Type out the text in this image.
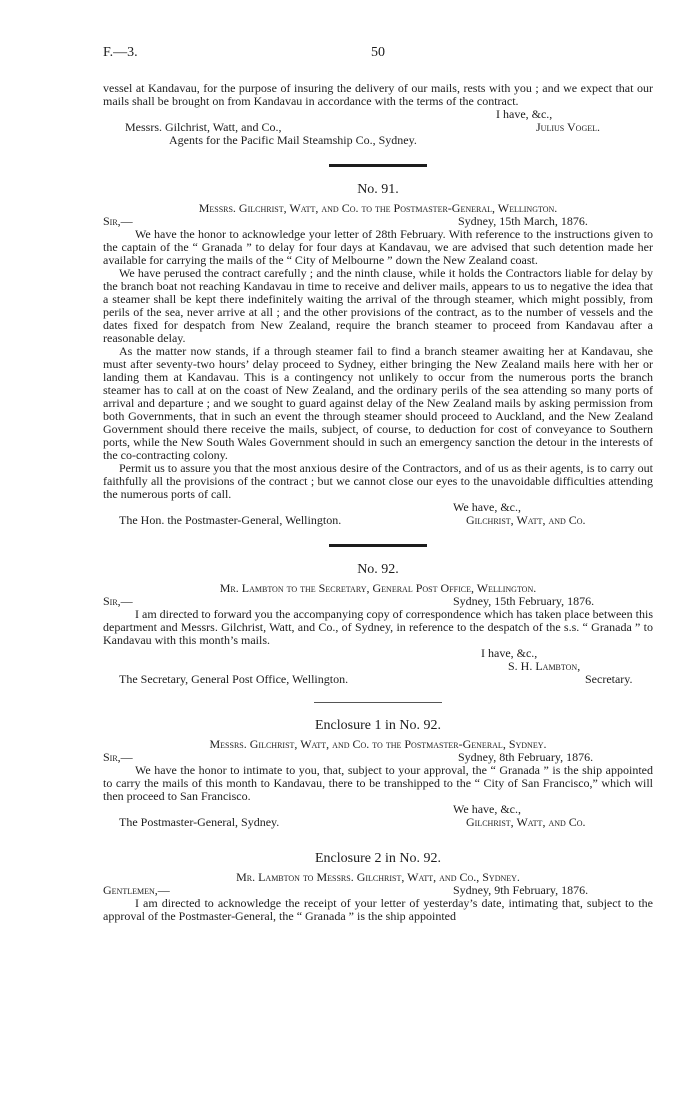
F.—3.	50

vessel at Kandavau, for the purpose of insuring the delivery of our mails, rests with you ; and we expect that our mails shall be brought on from Kandavau in accordance with the terms of the contract.

I have, &c.,
Messrs. Gilchrist, Watt, and Co.,	Julius Vogel.
Agents for the Pacific Mail Steamship Co., Sydney.

No. 91.

Messrs. Gilchrist, Watt, and Co. to the Postmaster-General, Wellington.

Sir,—	Sydney, 15th March, 1876.

We have the honor to acknowledge your letter of 28th February. With reference to the instructions given to the captain of the “ Granada ” to delay for four days at Kandavau, we are advised that such detention made her available for carrying the mails of the “ City of Melbourne ” down the New Zealand coast.

We have perused the contract carefully ; and the ninth clause, while it holds the Contractors liable for delay by the branch boat not reaching Kandavau in time to receive and deliver mails, appears to us to negative the idea that a steamer shall be kept there indefinitely waiting the arrival of the through steamer, which might possibly, from perils of the sea, never arrive at all ; and the other provisions of the contract, as to the number of vessels and the dates fixed for despatch from New Zealand, require the branch steamer to proceed from Kandavau after a reasonable delay.

As the matter now stands, if a through steamer fail to find a branch steamer awaiting her at Kandavau, she must after seventy-two hours’ delay proceed to Sydney, either bringing the New Zealand mails here with her or landing them at Kandavau. This is a contingency not unlikely to occur from the numerous ports the branch steamer has to call at on the coast of New Zealand, and the ordinary perils of the sea attending so many ports of arrival and departure ; and we sought to guard against delay of the New Zealand mails by asking permission from both Governments, that in such an event the through steamer should proceed to Auckland, and the New Zealand Government should there receive the mails, subject, of course, to deduction for cost of conveyance to Southern ports, while the New South Wales Government should in such an emergency sanction the detour in the interests of the co-contracting colony.

Permit us to assure you that the most anxious desire of the Contractors, and of us as their agents, is to carry out faithfully all the provisions of the contract ; but we cannot close our eyes to the unavoidable difficulties attending the numerous ports of call.

We have, &c.,
The Hon. the Postmaster-General, Wellington.	Gilchrist, Watt, and Co.

No. 92.

Mr. Lambton to the Secretary, General Post Office, Wellington.

Sir,—	Sydney, 15th February, 1876.

I am directed to forward you the accompanying copy of correspondence which has taken place between this department and Messrs. Gilchrist, Watt, and Co., of Sydney, in reference to the despatch of the s.s. “ Granada ” to Kandavau with this month’s mails.

I have, &c.,
S. H. Lambton,
The Secretary, General Post Office, Wellington.	Secretary.

Enclosure 1 in No. 92.

Messrs. Gilchrist, Watt, and Co. to the Postmaster-General, Sydney.

Sir,—	Sydney, 8th February, 1876.

We have the honor to intimate to you, that, subject to your approval, the “ Granada ” is the ship appointed to carry the mails of this month to Kandavau, there to be transhipped to the “ City of San Francisco,” which will then proceed to San Francisco.

We have, &c.,
The Postmaster-General, Sydney.	Gilchrist, Watt, and Co.

Enclosure 2 in No. 92.

Mr. Lambton to Messrs. Gilchrist, Watt, and Co., Sydney.

Gentlemen,—	Sydney, 9th February, 1876.

I am directed to acknowledge the receipt of your letter of yesterday’s date, intimating that, subject to the approval of the Postmaster-General, the “ Granada ” is the ship appointed
